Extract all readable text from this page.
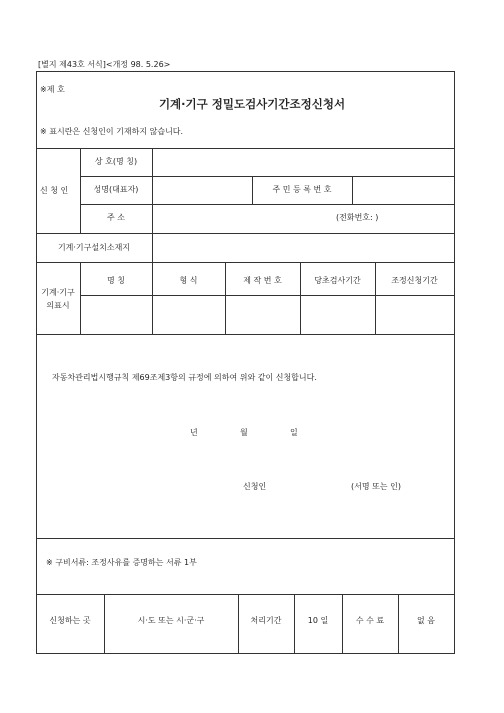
[별지 제43호 서식]<개정 98. 5.26>
※제 호
기계·기구 정밀도검사기간조정신청서
※ 표시란은 신청인이 기재하지 않습니다.
신 청 인
상 호(명 칭)
성명(대표자)	주 민 등 록 번 호
주 소	(전화번호: )
기계·기구설치소재지
기계·기구
의표시
명 칭	형 식	제 작 번 호	당초검사기간	조정신청기간
자동차관리법시행규칙 제69조제3항의 규정에 의하여 위와 같이 신청합니다.
년	월	일
신청인	(서명 또는 인)
※ 구비서류: 조정사유를 증명하는 서류 1부
신청하는 곳	시·도 또는 시·군·구	처리기간	10 일	수 수 료	없 음
